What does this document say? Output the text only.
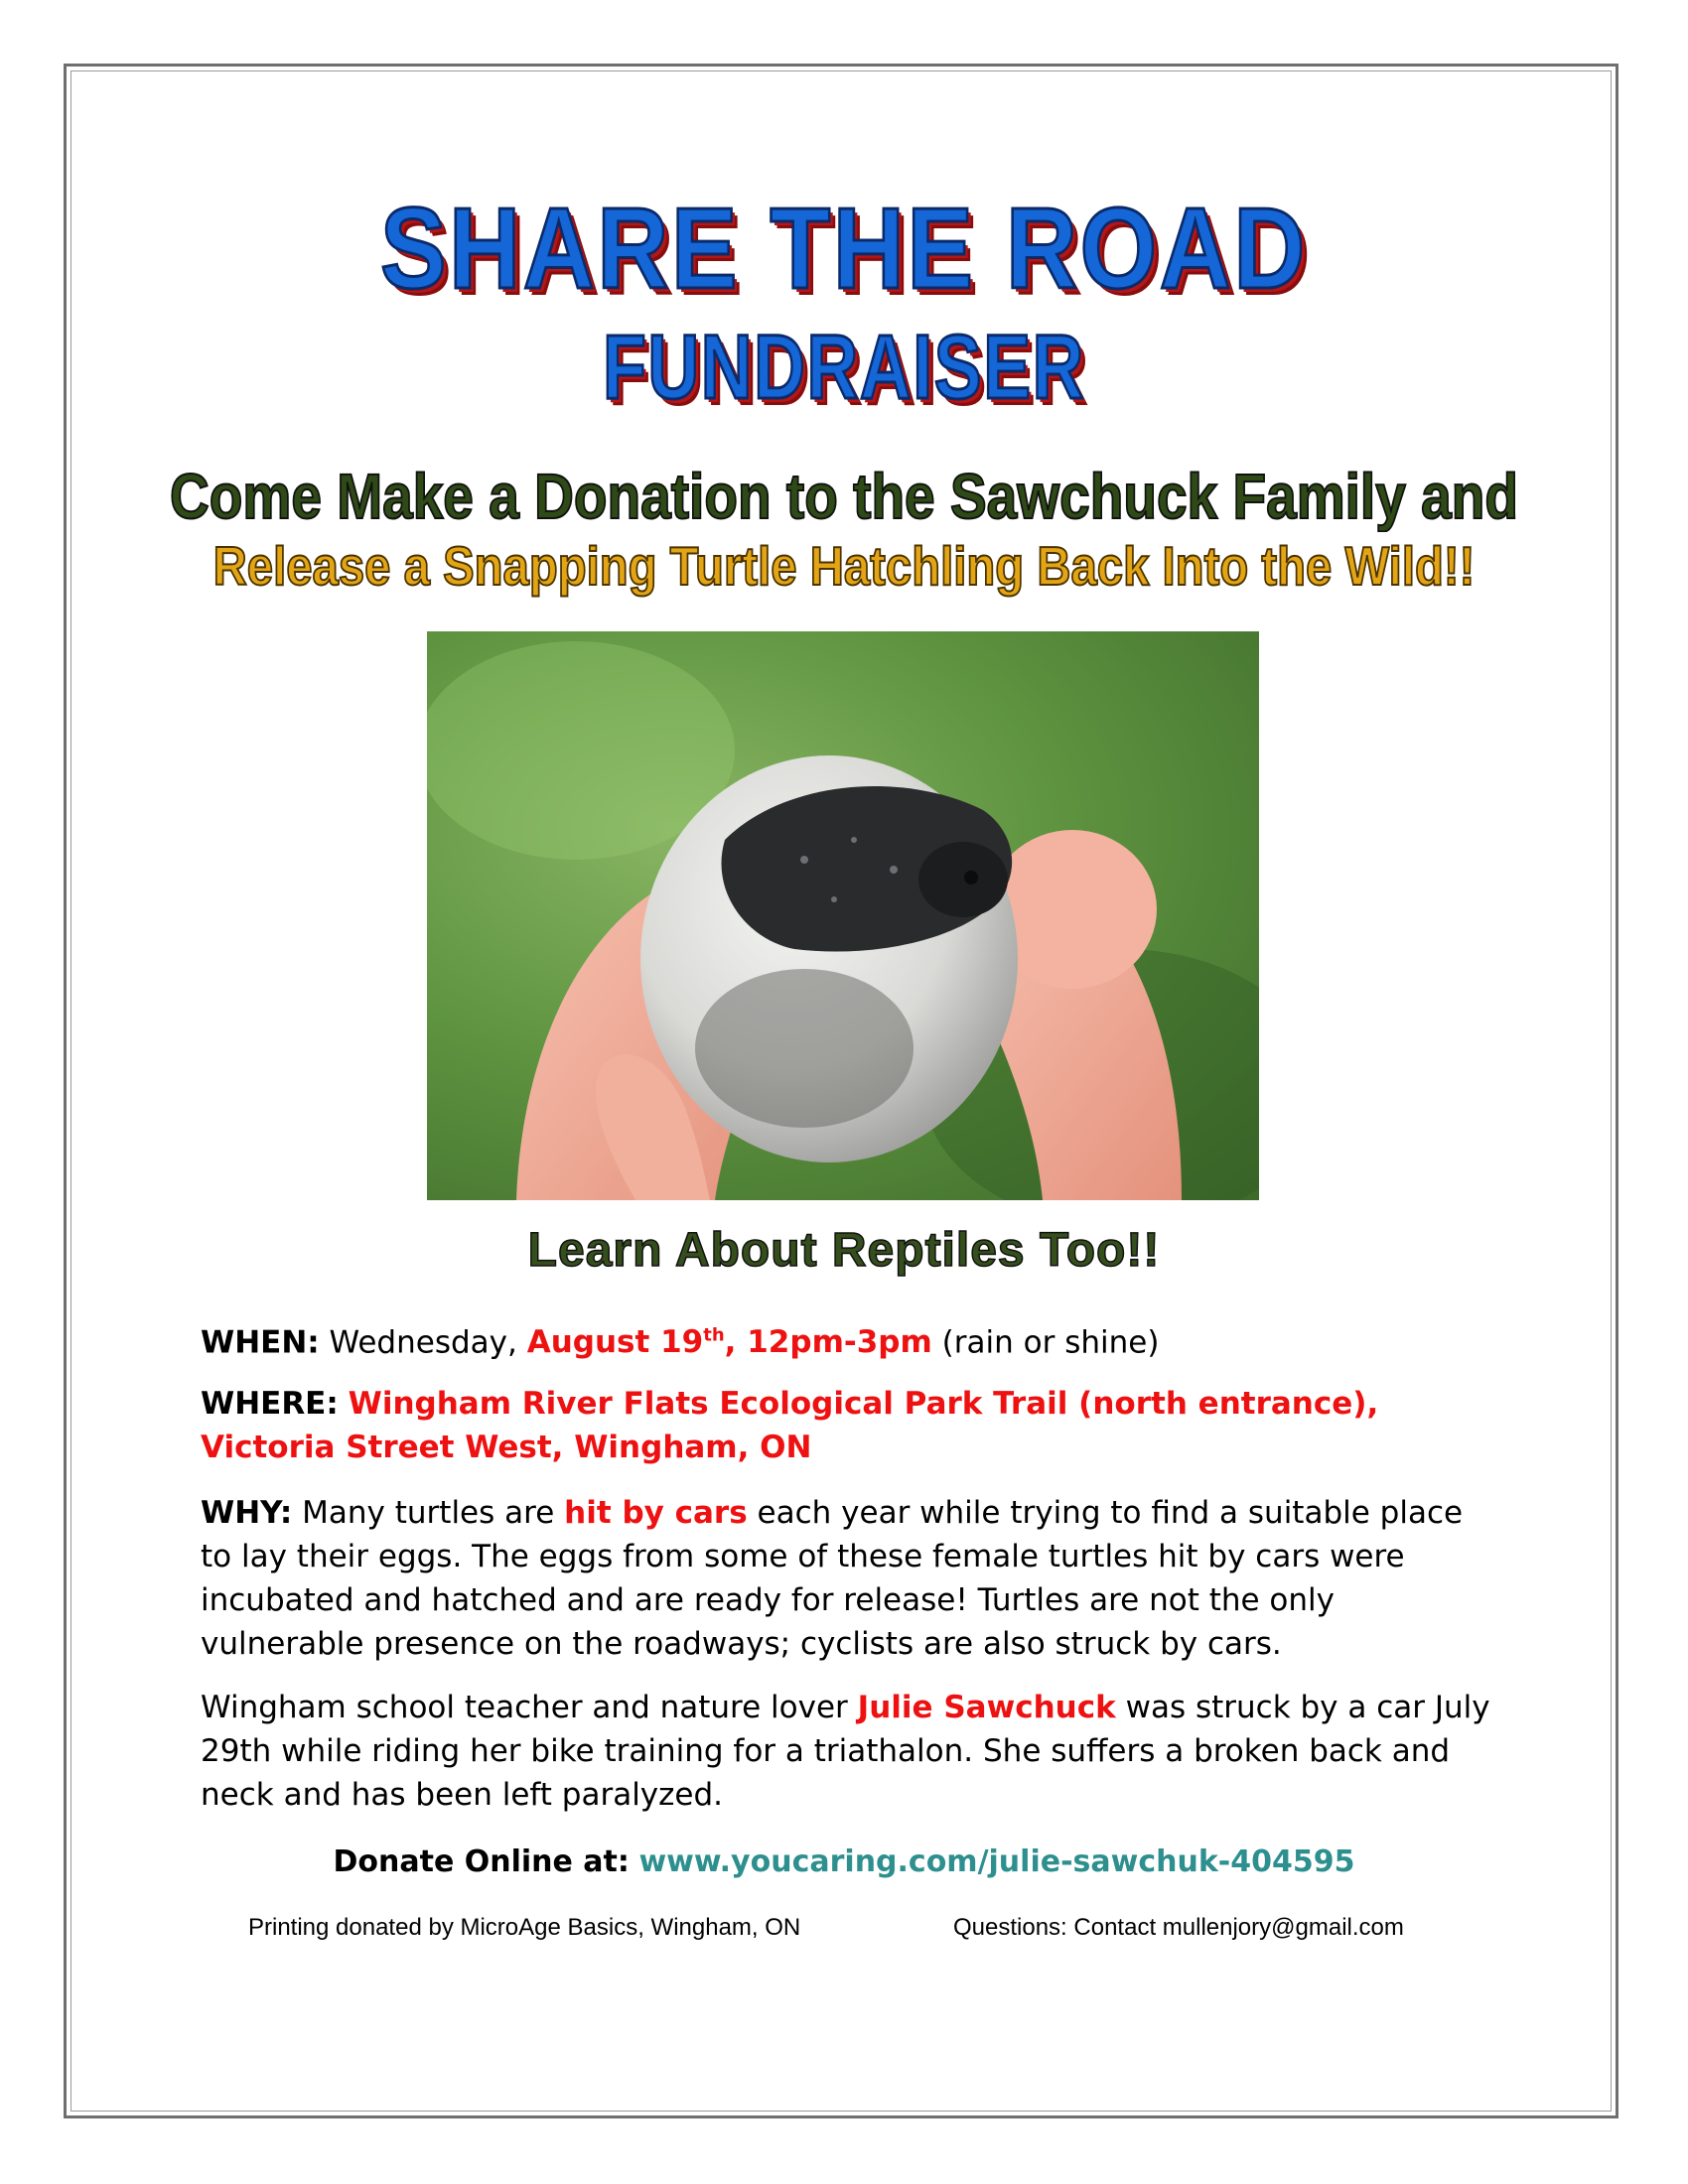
SHARE THE ROAD
FUNDRAISER

Come Make a Donation to the Sawchuck Family and

Release a Snapping Turtle Hatchling Back Into the Wild!!

Learn About Reptiles Too!!

WHEN: Wednesday, August 19th, 12pm-3pm (rain or shine)

WHERE: Wingham River Flats Ecological Park Trail (north entrance),
Victoria Street West, Wingham, ON

WHY: Many turtles are hit by cars each year while trying to find a suitable place to lay their eggs. The eggs from some of these female turtles hit by cars were incubated and hatched and are ready for release! Turtles are not the only vulnerable presence on the roadways; cyclists are also struck by cars.

Wingham school teacher and nature lover Julie Sawchuck was struck by a car July 29th while riding her bike training for a triathalon. She suffers a broken back and neck and has been left paralyzed.

Donate Online at: www.youcaring.com/julie-sawchuk-404595

Printing donated by MicroAge Basics, Wingham, ON	Questions: Contact mullenjory@gmail.com
